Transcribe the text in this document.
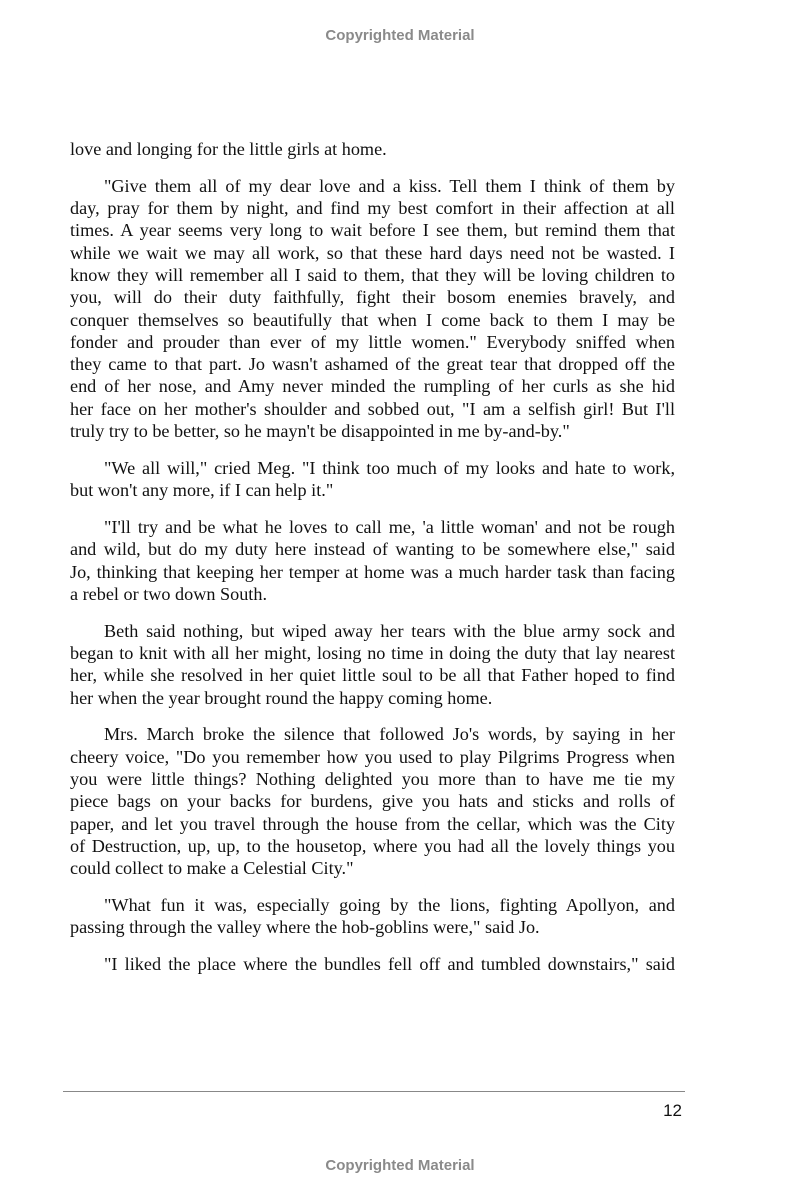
Copyrighted Material
love and longing for the little girls at home.
"Give them all of my dear love and a kiss. Tell them I think of them by
day, pray for them by night, and find my best comfort in their affection at all
times. A year seems very long to wait before I see them, but remind them that
while we wait we may all work, so that these hard days need not be wasted. I
know they will remember all I said to them, that they will be loving children to
you, will do their duty faithfully, fight their bosom enemies bravely, and
conquer themselves so beautifully that when I come back to them I may be
fonder and prouder than ever of my little women." Everybody sniffed when
they came to that part. Jo wasn't ashamed of the great tear that dropped off the
end of her nose, and Amy never minded the rumpling of her curls as she hid
her face on her mother's shoulder and sobbed out, "I am a selfish girl! But I'll
truly try to be better, so he mayn't be disappointed in me by-and-by."
"We all will," cried Meg. "I think too much of my looks and hate to work,
but won't any more, if I can help it."
"I'll try and be what he loves to call me, 'a little woman' and not be rough
and wild, but do my duty here instead of wanting to be somewhere else," said
Jo, thinking that keeping her temper at home was a much harder task than facing
a rebel or two down South.
Beth said nothing, but wiped away her tears with the blue army sock and
began to knit with all her might, losing no time in doing the duty that lay nearest
her, while she resolved in her quiet little soul to be all that Father hoped to find
her when the year brought round the happy coming home.
Mrs. March broke the silence that followed Jo's words, by saying in her
cheery voice, "Do you remember how you used to play Pilgrims Progress when
you were little things? Nothing delighted you more than to have me tie my
piece bags on your backs for burdens, give you hats and sticks and rolls of
paper, and let you travel through the house from the cellar, which was the City
of Destruction, up, up, to the housetop, where you had all the lovely things you
could collect to make a Celestial City."
"What fun it was, especially going by the lions, fighting Apollyon, and
passing through the valley where the hob-goblins were," said Jo.
"I liked the place where the bundles fell off and tumbled downstairs," said
12
Copyrighted Material
